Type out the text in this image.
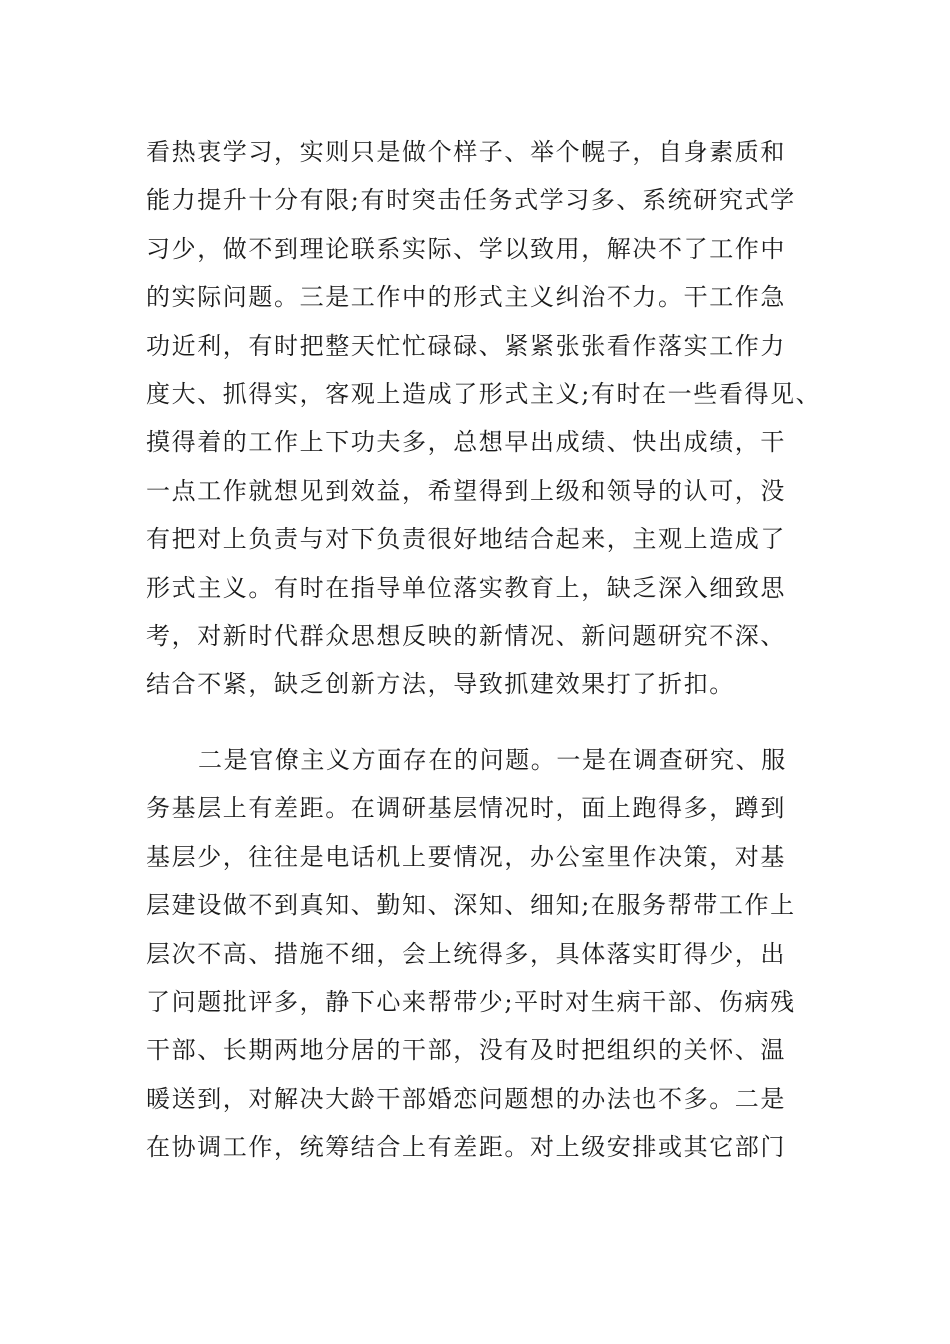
看热衷学习，实则只是做个样子、举个幌子，自身素质和
能力提升十分有限;有时突击任务式学习多、系统研究式学
习少，做不到理论联系实际、学以致用，解决不了工作中
的实际问题。三是工作中的形式主义纠治不力。干工作急
功近利，有时把整天忙忙碌碌、紧紧张张看作落实工作力
度大、抓得实，客观上造成了形式主义;有时在一些看得见、
摸得着的工作上下功夫多，总想早出成绩、快出成绩，干
一点工作就想见到效益，希望得到上级和领导的认可，没
有把对上负责与对下负责很好地结合起来，主观上造成了
形式主义。有时在指导单位落实教育上，缺乏深入细致思
考，对新时代群众思想反映的新情况、新问题研究不深、
结合不紧，缺乏创新方法，导致抓建效果打了折扣。
二是官僚主义方面存在的问题。一是在调查研究、服
务基层上有差距。在调研基层情况时，面上跑得多，蹲到
基层少，往往是电话机上要情况，办公室里作决策，对基
层建设做不到真知、勤知、深知、细知;在服务帮带工作上
层次不高、措施不细，会上统得多，具体落实盯得少，出
了问题批评多，静下心来帮带少;平时对生病干部、伤病残
干部、长期两地分居的干部，没有及时把组织的关怀、温
暖送到，对解决大龄干部婚恋问题想的办法也不多。二是
在协调工作，统筹结合上有差距。对上级安排或其它部门
